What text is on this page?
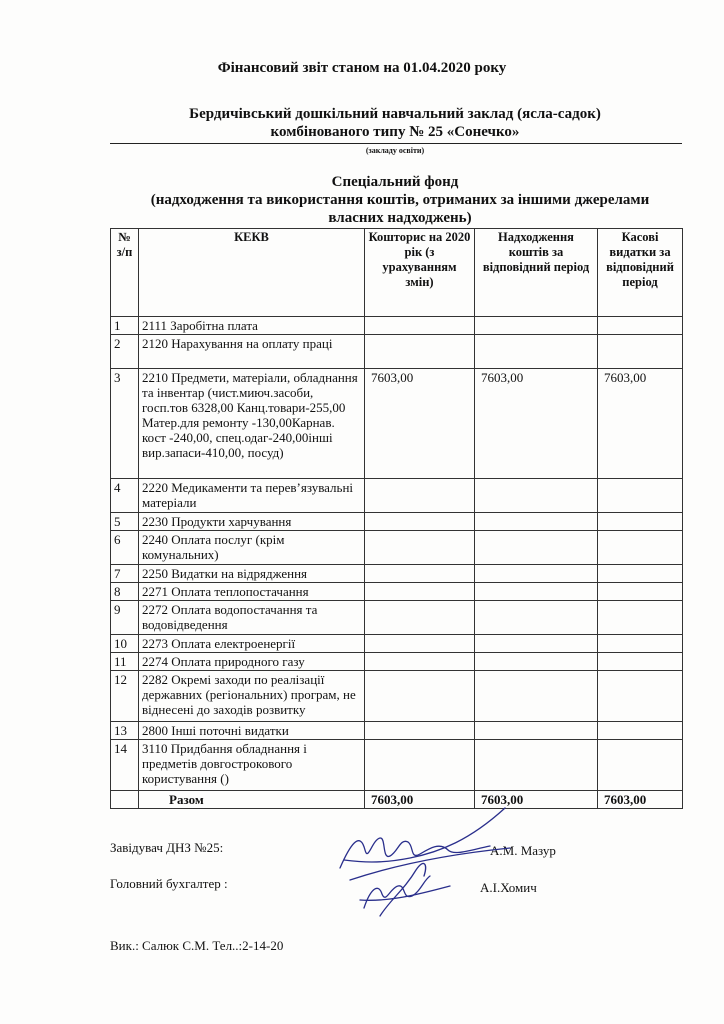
Фінансовий звіт станом на 01.04.2020 року
Бердичівський дошкільний навчальний заклад (ясла-садок)
комбінованого типу № 25 «Сонечко»
(закладу освіти)
Спеціальний фонд
(надходження та використання коштів, отриманих за іншими джерелами
власних надходжень)
№ з/п	КЕКВ	Кошторис на 2020 рік (з урахуванням змін)	Надходження коштів за відповідний період	Касові видатки за відповідний період
1	2111 Заробітна плата			
2	2120 Нарахування на оплату праці			
3	2210 Предмети, матеріали, обладнання та інвентар (чист.миюч.засоби, госп.тов 6328,00 Канц.товари-255,00 Матер.для ремонту -130,00Карнав. кост -240,00, спец.одаг-240,00інші вир.запаси-410,00, посуд)	7603,00	7603,00	7603,00
4	2220 Медикаменти та перев’язувальні матеріали			
5	2230 Продукти харчування			
6	2240 Оплата послуг (крім комунальних)			
7	2250 Видатки на відрядження			
8	2271 Оплата теплопостачання			
9	2272 Оплата водопостачання та водовідведення			
10	2273 Оплата електроенергії			
11	2274 Оплата природного газу			
12	2282 Окремі заходи по реалізації державних (регіональних) програм, не віднесені до заходів розвитку			
13	2800 Інші поточні видатки			
14	3110 Придбання обладнання і предметів довгострокового користування ()			
	Разом	7603,00	7603,00	7603,00
Завідувач ДНЗ №25:	А.М. Мазур
Головний бухгалтер :	А.І.Хомич
Вик.: Салюк С.М. Тел..:2-14-20
